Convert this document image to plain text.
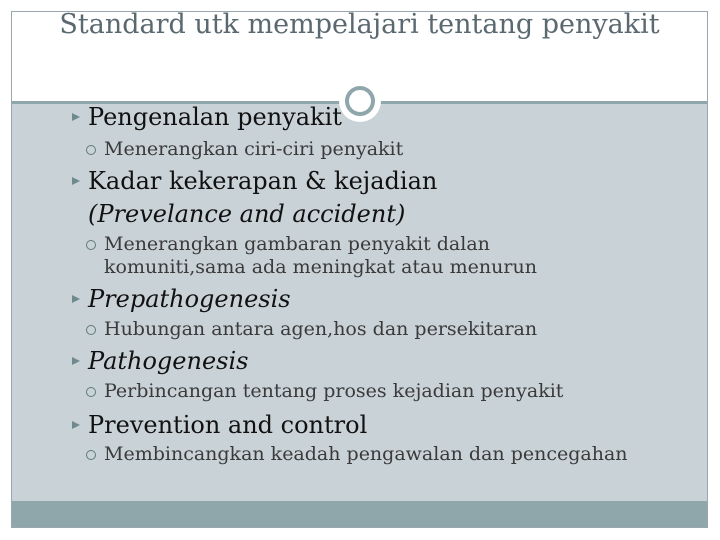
Standard utk mempelajari tentang penyakit
Pengenalan penyakit
Menerangkan ciri-ciri penyakit
Kadar kekerapan & kejadian
(Prevelance and accident)
Menerangkan gambaran penyakit dalan
komuniti,sama ada meningkat atau menurun
Prepathogenesis
Hubungan antara agen,hos dan persekitaran
Pathogenesis
Perbincangan tentang proses kejadian penyakit
Prevention and control
Membincangkan keadah pengawalan dan pencegahan
